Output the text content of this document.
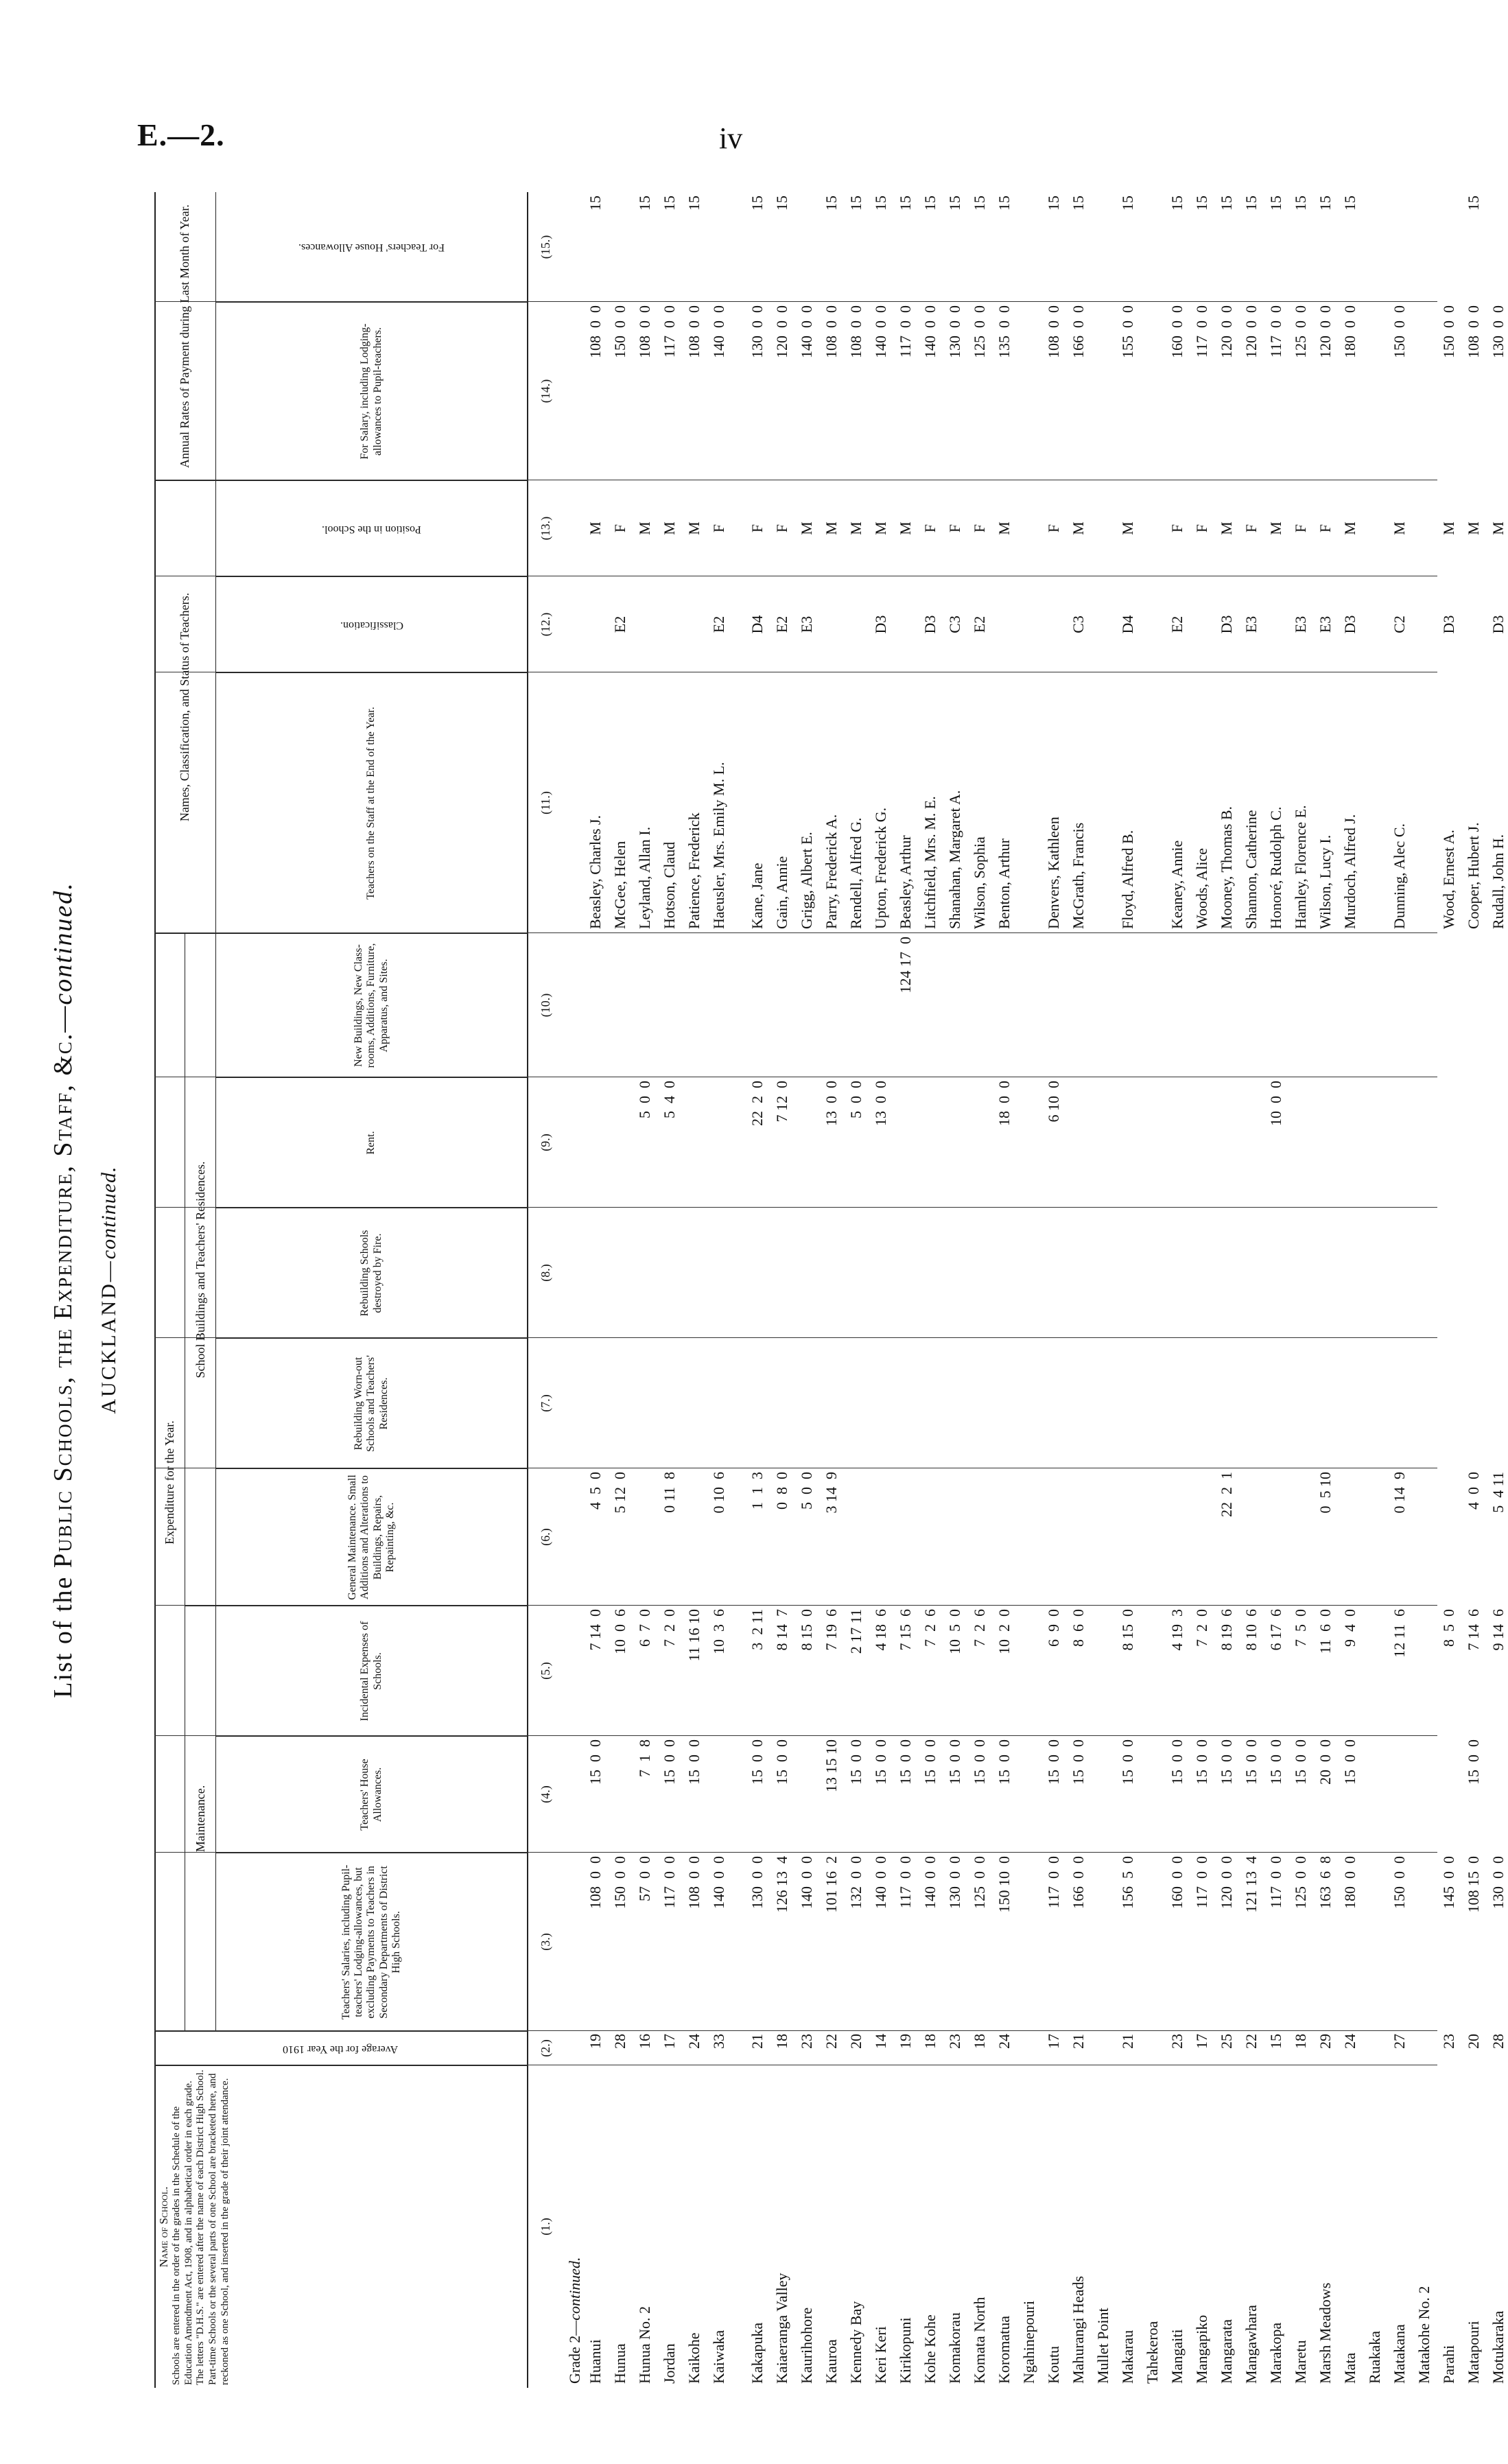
E.—2.	iv
List of the Public Schools, the Expenditure, Staff, &c.—continued.
AUCKLAND—continued.
Expenditure for the Year.
Maintenance.
School Buildings and Teachers' Residences.
Names, Classification, and Status of Teachers.
Annual Rates of Payment during Last Month of Year.
Name of School. Schools are entered in the order of the grades in the Schedule of the Education Amendment Act, 1908, and in alphabetical order in each grade. The letters "D.H.S." are entered after the name of each District High School. Part-time Schools or the several parts of one School are bracketed here, and reckoned as one School, and inserted in the grade of their joint attendance.
Average for the Year 1910
Teachers' Salaries, including Pupil-teachers' Lodging-allowances, but excluding Payments to Teachers in Secondary Departments of District High Schools.
Teachers' House Allowances.
Incidental Expenses of Schools.
General Maintenance. Small Additions and Alterations to Buildings, Repairs, Repainting, &c.
Rebuilding Worn-out Schools and Teachers' Residences.
Rebuilding Schools destroyed by Fire.
Rent.
New Buildings, New Class-rooms, Additions, Furniture, Apparatus, and Sites.
Teachers on the Staff at the End of the Year.
Classification.
Position in the School.
For Salary, including Lodging-allowances to Pupil-teachers.
For Teachers' House Allowances.
(1.)
(2.)
(3.)
(4.)
(5.)
(6.)
(7.)
(8.)
(9.)
(10.)
(11.)
(12.)
(13.)
(14.)
(15.)
Grade 2—continued.
Huanui
19
108  0  0
15  0  0
7 14  0
4  5  0
Beasley, Charles J.
M
108  0  0
15
Hunua
28
150  0  0
10  0  6
5 12  0
McGee, Helen
E2
F
150  0  0
Hunua No. 2
16
57  0  0
7  1  8
6  7  0
5  0  0
Leyland, Allan I.
M
108  0  0
15
Jordan
17
117  0  0
15  0  0
7  2  0
0 11  8
5  4  0
Hotson, Claud
M
117  0  0
15
Kaikohe
24
108  0  0
15  0  0
11 16 10
Patience, Frederick
M
108  0  0
15
Kaiwaka
33
140  0  0
10  3  6
0 10  6
Haeusler, Mrs. Emily M. L.
E2
F
140  0  0
Kakapuka
21
130  0  0
15  0  0
3  2 11
1  1  3
22  2  0
Kane, Jane
D4
F
130  0  0
15
Kaiaeranga Valley
18
126 13  4
15  0  0
8 14  7
0  8  0
7 12  0
Gain, Annie
E2
F
120  0  0
15
Kaurihohore
23
140  0  0
8 15  0
5  0  0
Grigg, Albert E.
E3
M
140  0  0
Kauroa
22
101 16  2
13 15 10
7 19  6
3 14  9
13  0  0
Parry, Frederick A.
M
108  0  0
15
Kennedy Bay
20
132  0  0
15  0  0
2 17 11
5  0  0
Rendell, Alfred G.
M
108  0  0
15
Keri Keri
14
140  0  0
15  0  0
4 18  6
13  0  0
Upton, Frederick G.
D3
M
140  0  0
15
Kirikopuni
19
117  0  0
15  0  0
7 15  6
124 17  0
Beasley, Arthur
M
117  0  0
15
Kohe Kohe
18
140  0  0
15  0  0
7  2  6
Litchfield, Mrs. M. E.
D3
F
140  0  0
15
Komakorau
23
130  0  0
15  0  0
10  5  0
Shanahan, Margaret A.
C3
F
130  0  0
15
Komata North
18
125  0  0
15  0  0
7  2  6
Wilson, Sophia
E2
F
125  0  0
15
Koromatua
24
150 10  0
15  0  0
10  2  0
18  0  0
Benton, Arthur
M
135  0  0
15
Ngahinepouri Koutu
17
117  0  0
15  0  0
6  9  0
6 10  0
Denvers, Kathleen
F
108  0  0
15
Mahurangi Heads
21
166  0  0
15  0  0
8  6  0
McGrath, Francis
C3
M
166  0  0
15
Mullet Point Makarau
21
156  5  0
15  0  0
8 15  0
Floyd, Alfred B.
D4
M
155  0  0
15
Tahekeroa Mangaiti
23
160  0  0
15  0  0
4 19  3
Keaney, Annie
E2
F
160  0  0
15
Mangapiko
17
117  0  0
15  0  0
7  2  0
Woods, Alice
F
117  0  0
15
Mangarata
25
120  0  0
15  0  0
8 19  6
22  2  1
Mooney, Thomas B.
D3
M
120  0  0
15
Mangawhara
22
121 13  4
15  0  0
8 10  6
Shannon, Catherine
E3
F
120  0  0
15
Marakopa
15
117  0  0
15  0  0
6 17  6
10  0  0
Honoré, Rudolph C.
M
117  0  0
15
Maretu
18
125  0  0
15  0  0
7  5  0
Hamley, Florence E.
E3
F
125  0  0
15
Marsh Meadows
29
163  6  8
20  0  0
11  6  0
0  5 10
Wilson, Lucy I.
E3
F
120  0  0
15
Mata
24
180  0  0
15  0  0
9  4  0
Murdoch, Alfred J.
D3
M
180  0  0
15
Ruakaka Matakana
27
150  0  0
12 11  6
0 14  9
Dunning, Alec C.
C2
M
150  0  0
Matakohe No. 2 Parahi
23
145  0  0
8  5  0
Wood, Ernest A.
D3
M
150  0  0
Matapouri
20
108 15  0
15  0  0
7 14  6
4  0  0
Cooper, Hubert J.
M
108  0  0
15
Motukaraka
28
130  0  0
9 14  6
5  4 11
Rudall, John H.
D3
M
130  0  0
